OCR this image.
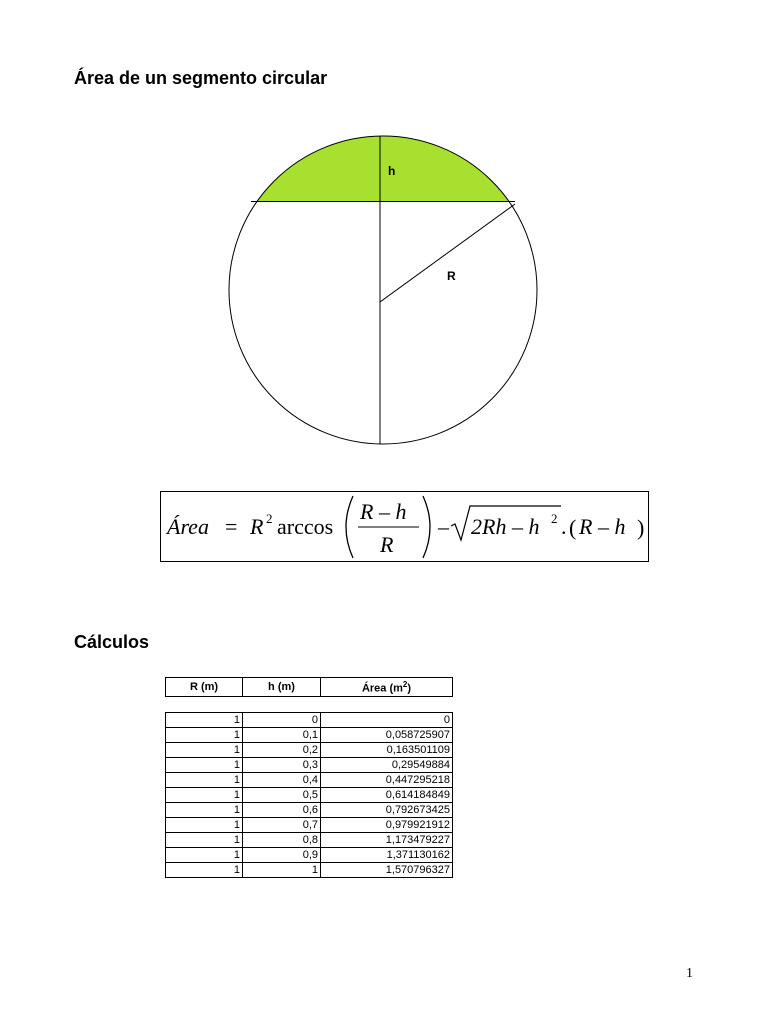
Área de un segmento circular
h
R
Área = R 2 arccos
R – h
R
– 2Rh – h 2 . ( R – h )
Cálculos
R (m)	h (m)	Área $(m^2)$
1	0	0
1	0,1	0,058725907
1	0,2	0,163501109
1	0,3	0,29549884
1	0,4	0,447295218
1	0,5	0,614184849
1	0,6	0,792673425
1	0,7	0,979921912
1	0,8	1,173479227
1	0,9	1,371130162
1	1	1,570796327
1
